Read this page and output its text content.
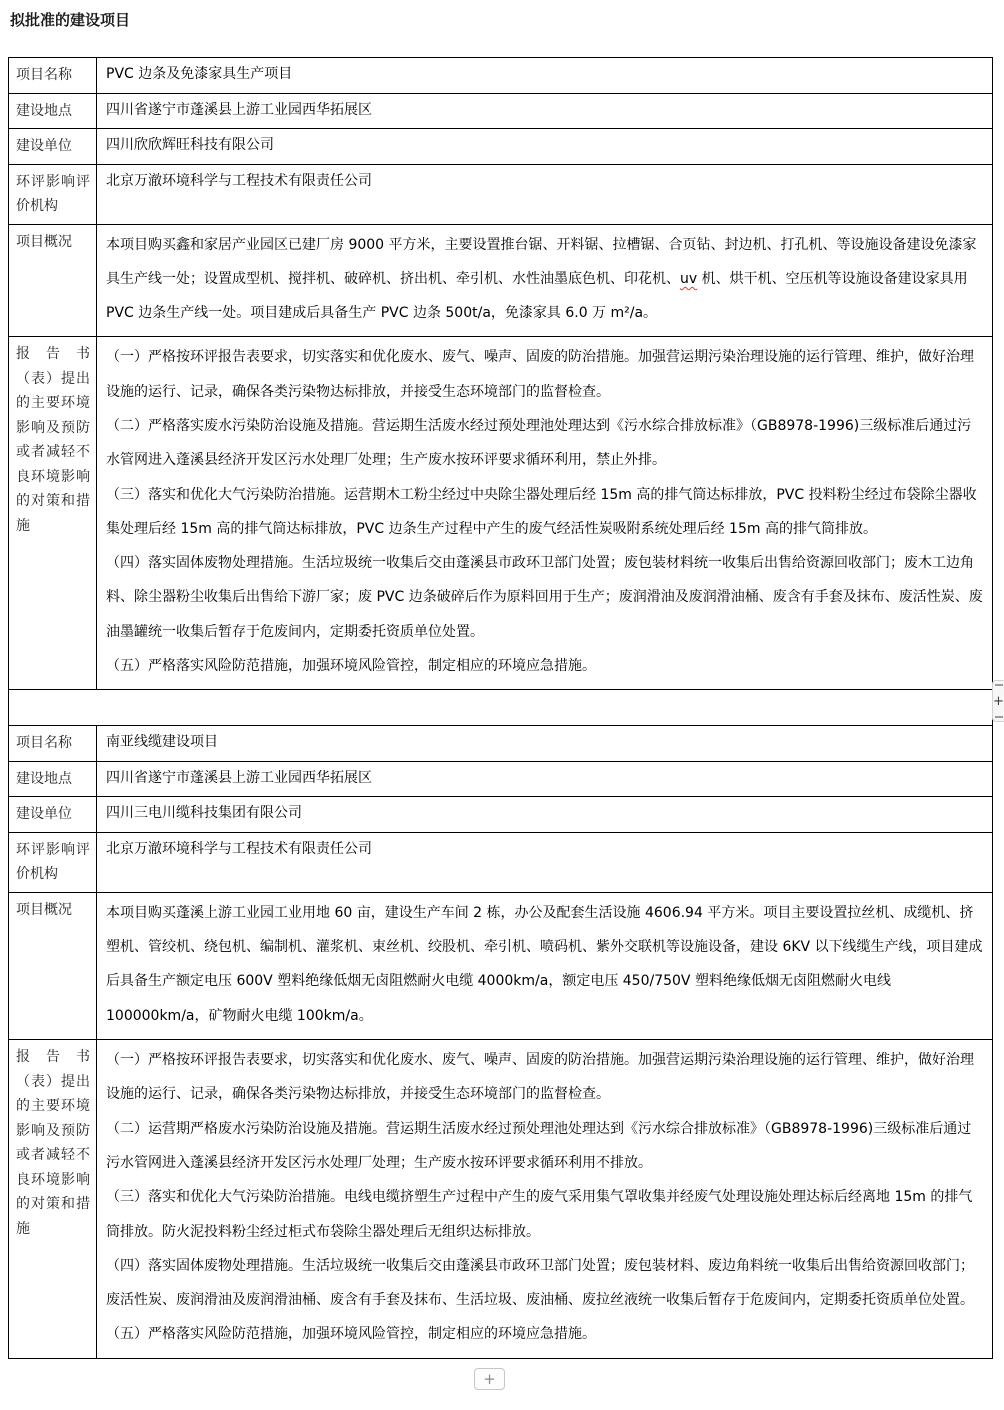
拟批准的建设项目
项目名称	PVC 边条及免漆家具生产项目
建设地点	四川省遂宁市蓬溪县上游工业园西华拓展区
建设单位	四川欣欣辉旺科技有限公司
环评影响评价机构	北京万澈环境科学与工程技术有限责任公司
项目概况	本项目购买鑫和家居产业园区已建厂房 9000 平方米，主要设置推台锯、开料锯、拉槽锯、合页钻、封边机、打孔机、等设施设备建设免漆家具生产线一处；设置成型机、搅拌机、破碎机、挤出机、牵引机、水性油墨底色机、印花机、uv 机、烘干机、空压机等设施设备建设家具用 PVC 边条生产线一处。项目建成后具备生产 PVC 边条 500t/a，免漆家具 6.0 万 m²/a。
报告书（表）提出的主要环境影响及预防或者减轻不良环境影响的对策和措施	（一）严格按环评报告表要求，切实落实和优化废水、废气、噪声、固废的防治措施。加强营运期污染治理设施的运行管理、维护，做好治理设施的运行、记录，确保各类污染物达标排放，并接受生态环境部门的监督检查。

（二）严格落实废水污染防治设施及措施。营运期生活废水经过预处理池处理达到《污水综合排放标准》（GB8978-1996)三级标准后通过污水管网进入蓬溪县经济开发区污水处理厂处理；生产废水按环评要求循环利用，禁止外排。

（三）落实和优化大气污染防治措施。运营期木工粉尘经过中央除尘器处理后经 15m 高的排气筒达标排放，PVC 投料粉尘经过布袋除尘器收集处理后经 15m 高的排气筒达标排放，PVC 边条生产过程中产生的废气经活性炭吸附系统处理后经 15m 高的排气筒排放。

（四）落实固体废物处理措施。生活垃圾统一收集后交由蓬溪县市政环卫部门处置；废包装材料统一收集后出售给资源回收部门；废木工边角料、除尘器粉尘收集后出售给下游厂家；废 PVC 边条破碎后作为原料回用于生产；废润滑油及废润滑油桶、废含有手套及抹布、废活性炭、废油墨罐统一收集后暂存于危废间内，定期委托资质单位处置。

（五）严格落实风险防范措施，加强环境风险管控，制定相应的环境应急措施。

项目名称	南亚线缆建设项目
建设地点	四川省遂宁市蓬溪县上游工业园西华拓展区
建设单位	四川三电川缆科技集团有限公司
环评影响评价机构	北京万澈环境科学与工程技术有限责任公司
项目概况	本项目购买蓬溪上游工业园工业用地 60 亩，建设生产车间 2 栋，办公及配套生活设施 4606.94 平方米。项目主要设置拉丝机、成缆机、挤塑机、管绞机、绕包机、编制机、灌浆机、束丝机、绞股机、牵引机、喷码机、紫外交联机等设施设备，建设 6KV 以下线缆生产线，项目建成后具备生产额定电压 600V 塑料绝缘低烟无卤阻燃耐火电缆 4000km/a，额定电压 450/750V 塑料绝缘低烟无卤阻燃耐火电线 100000km/a，矿物耐火电缆 100km/a。
报告书（表）提出的主要环境影响及预防或者减轻不良环境影响的对策和措施	（一）严格按环评报告表要求，切实落实和优化废水、废气、噪声、固废的防治措施。加强营运期污染治理设施的运行管理、维护，做好治理设施的运行、记录，确保各类污染物达标排放，并接受生态环境部门的监督检查。

（二）运营期严格废水污染防治设施及措施。营运期生活废水经过预处理池处理达到《污水综合排放标准》（GB8978-1996)三级标准后通过污水管网进入蓬溪县经济开发区污水处理厂处理；生产废水按环评要求循环利用不排放。

（三）落实和优化大气污染防治措施。电线电缆挤塑生产过程中产生的废气采用集气罩收集并经废气处理设施处理达标后经离地 15m 的排气筒排放。防火泥投料粉尘经过柜式布袋除尘器处理后无组织达标排放。

（四）落实固体废物处理措施。生活垃圾统一收集后交由蓬溪县市政环卫部门处置；废包装材料、废边角料统一收集后出售给资源回收部门；废活性炭、废润滑油及废润滑油桶、废含有手套及抹布、生活垃圾、废油桶、废拉丝液统一收集后暂存于危废间内，定期委托资质单位处置。

（五）严格落实风险防范措施，加强环境风险管控，制定相应的环境应急措施。

+
+
